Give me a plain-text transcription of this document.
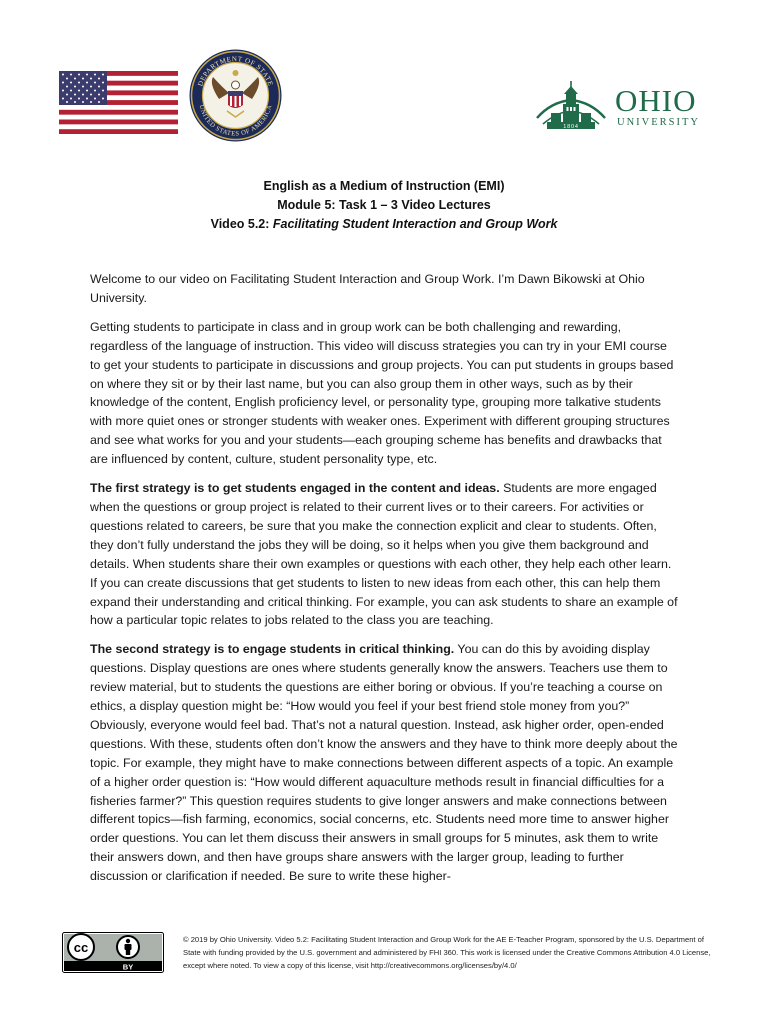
DEPARTMENT OF STATE
UNITED STATES OF AMERICA
1804
OHIO
UNIVERSITY
English as a Medium of Instruction (EMI)
Module 5: Task 1 – 3 Video Lectures
Video 5.2: Facilitating Student Interaction and Group Work

Welcome to our video on Facilitating Student Interaction and Group Work. I’m Dawn Bikowski at Ohio University.

Getting students to participate in class and in group work can be both challenging and rewarding, regardless of the language of instruction. This video will discuss strategies you can try in your EMI course to get your students to participate in discussions and group projects. You can put students in groups based on where they sit or by their last name, but you can also group them in other ways, such as by their knowledge of the content, English proficiency level, or personality type, grouping more talkative students with more quiet ones or stronger students with weaker ones. Experiment with different grouping structures and see what works for you and your students—each grouping scheme has benefits and drawbacks that are influenced by content, culture, student personality type, etc.

The first strategy is to get students engaged in the content and ideas. Students are more engaged when the questions or group project is related to their current lives or to their careers. For activities or questions related to careers, be sure that you make the connection explicit and clear to students. Often, they don’t fully understand the jobs they will be doing, so it helps when you give them background and details. When students share their own examples or questions with each other, they help each other learn. If you can create discussions that get students to listen to new ideas from each other, this can help them expand their understanding and critical thinking. For example, you can ask students to share an example of how a particular topic relates to jobs related to the class you are teaching.

The second strategy is to engage students in critical thinking. You can do this by avoiding display questions. Display questions are ones where students generally know the answers. Teachers use them to review material, but to students the questions are either boring or obvious. If you’re teaching a course on ethics, a display question might be: “How would you feel if your best friend stole money from you?” Obviously, everyone would feel bad. That’s not a natural question. Instead, ask higher order, open-ended questions. With these, students often don’t know the answers and they have to think more deeply about the topic. For example, they might have to make connections between different aspects of a topic. An example of a higher order question is: “How would different aquaculture methods result in financial difficulties for a fisheries farmer?” This question requires students to give longer answers and make connections between different topics—fish farming, economics, social concerns, etc. Students need more time to answer higher order questions. You can let them discuss their answers in small groups for 5 minutes, ask them to write their answers down, and then have groups share answers with the larger group, leading to further discussion or clarification if needed. Be sure to write these higher-

cc
BY
© 2019 by Ohio University. Video 5.2: Facilitating Student Interaction and Group Work for the AE E-Teacher Program, sponsored by the U.S. Department of State with funding provided by the U.S. government and administered by FHI 360. This work is licensed under the Creative Commons Attribution 4.0 License, except where noted. To view a copy of this license, visit http://creativecommons.org/licenses/by/4.0/
